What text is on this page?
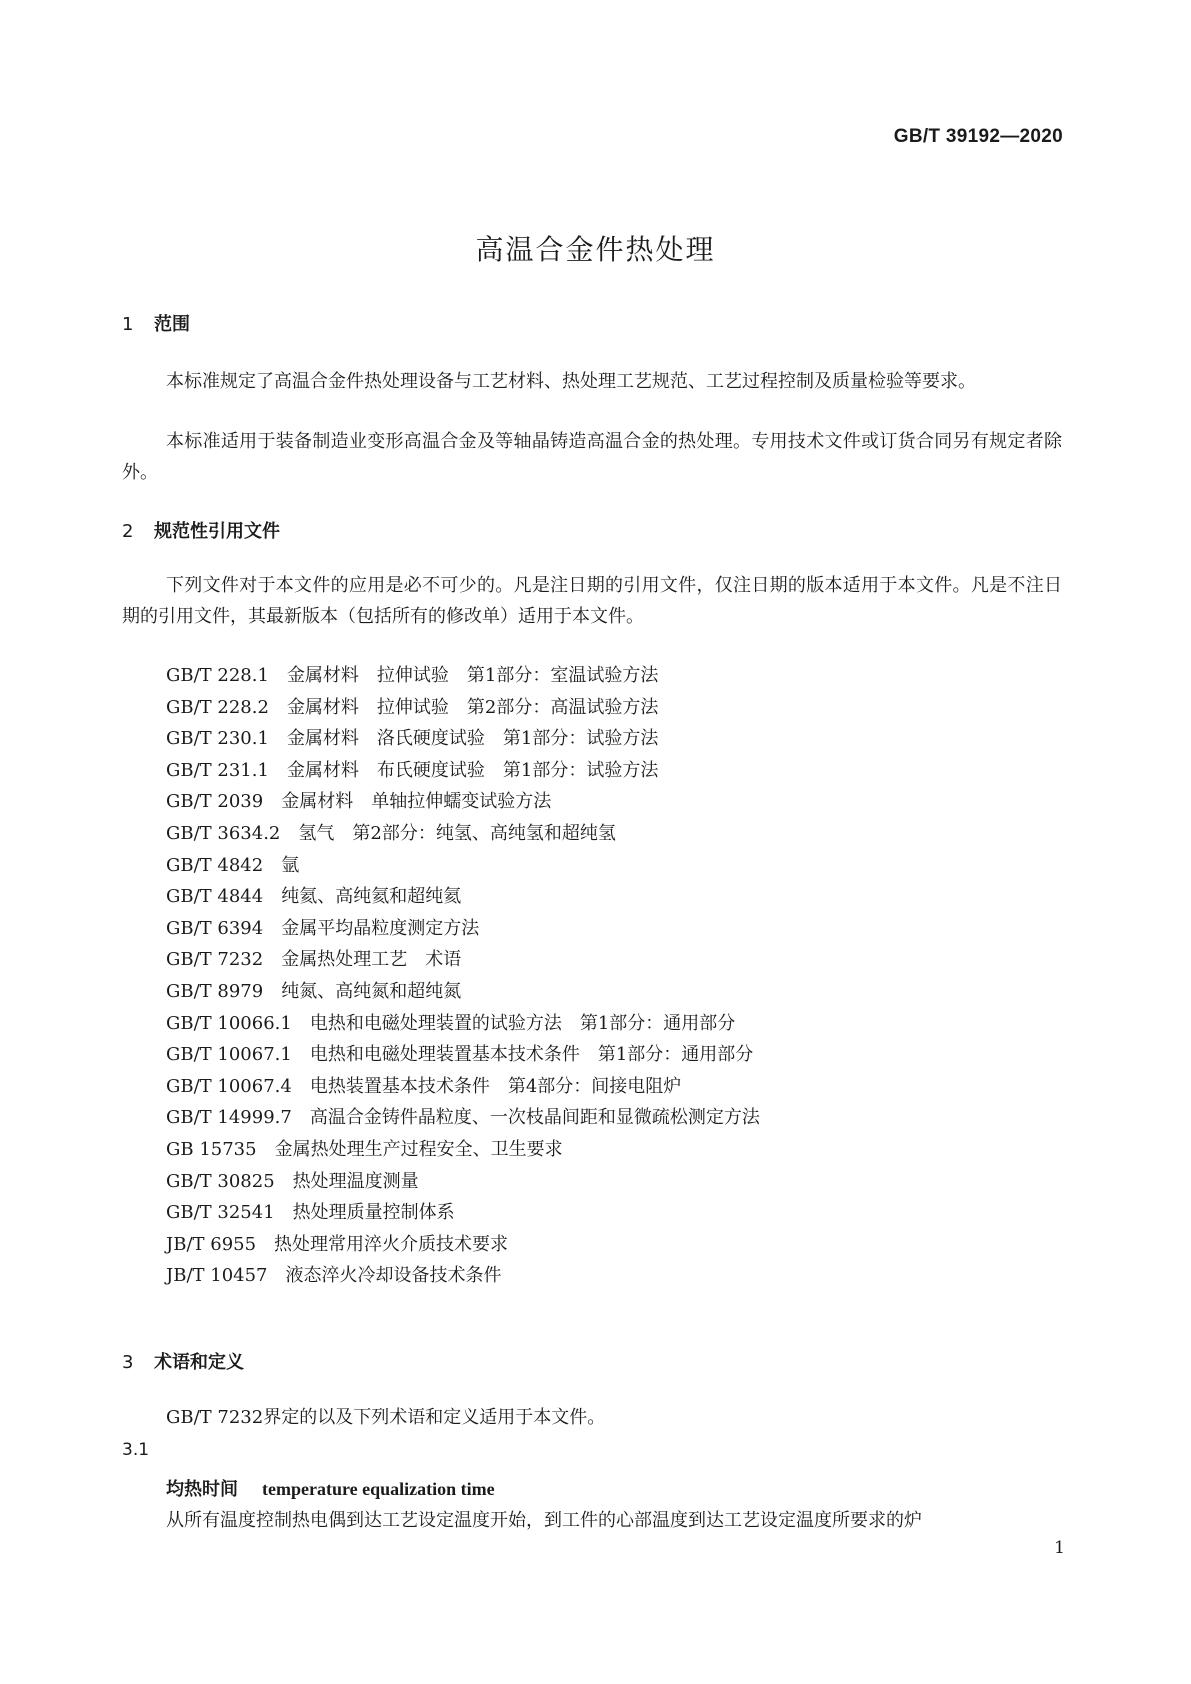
GB/T 39192—2020
高温合金件热处理
1 范围
本标准规定了高温合金件热处理设备与工艺材料、热处理工艺规范、工艺过程控制及质量检验等要求。
本标准适用于装备制造业变形高温合金及等轴晶铸造高温合金的热处理。专用技术文件或订货合同另有规定者除外。
2 规范性引用文件
下列文件对于本文件的应用是必不可少的。凡是注日期的引用文件，仅注日期的版本适用于本文件。凡是不注日期的引用文件，其最新版本（包括所有的修改单）适用于本文件。
GB/T 228.1 金属材料　拉伸试验　第1部分：室温试验方法
GB/T 228.2 金属材料　拉伸试验　第2部分：高温试验方法
GB/T 230.1 金属材料　洛氏硬度试验　第1部分：试验方法
GB/T 231.1 金属材料　布氏硬度试验　第1部分：试验方法
GB/T 2039 金属材料　单轴拉伸蠕变试验方法
GB/T 3634.2 氢气　第2部分：纯氢、高纯氢和超纯氢
GB/T 4842 氩
GB/T 4844 纯氦、高纯氦和超纯氦
GB/T 6394 金属平均晶粒度测定方法
GB/T 7232 金属热处理工艺　术语
GB/T 8979 纯氮、高纯氮和超纯氮
GB/T 10066.1 电热和电磁处理装置的试验方法　第1部分：通用部分
GB/T 10067.1 电热和电磁处理装置基本技术条件　第1部分：通用部分
GB/T 10067.4 电热装置基本技术条件　第4部分：间接电阻炉
GB/T 14999.7 高温合金铸件晶粒度、一次枝晶间距和显微疏松测定方法
GB 15735 金属热处理生产过程安全、卫生要求
GB/T 30825 热处理温度测量
GB/T 32541 热处理质量控制体系
JB/T 6955 热处理常用淬火介质技术要求
JB/T 10457 液态淬火冷却设备技术条件
3 术语和定义
GB/T 7232界定的以及下列术语和定义适用于本文件。
3.1
均热时间 temperature equalization time
从所有温度控制热电偶到达工艺设定温度开始，到工件的心部温度到达工艺设定温度所要求的炉
1
